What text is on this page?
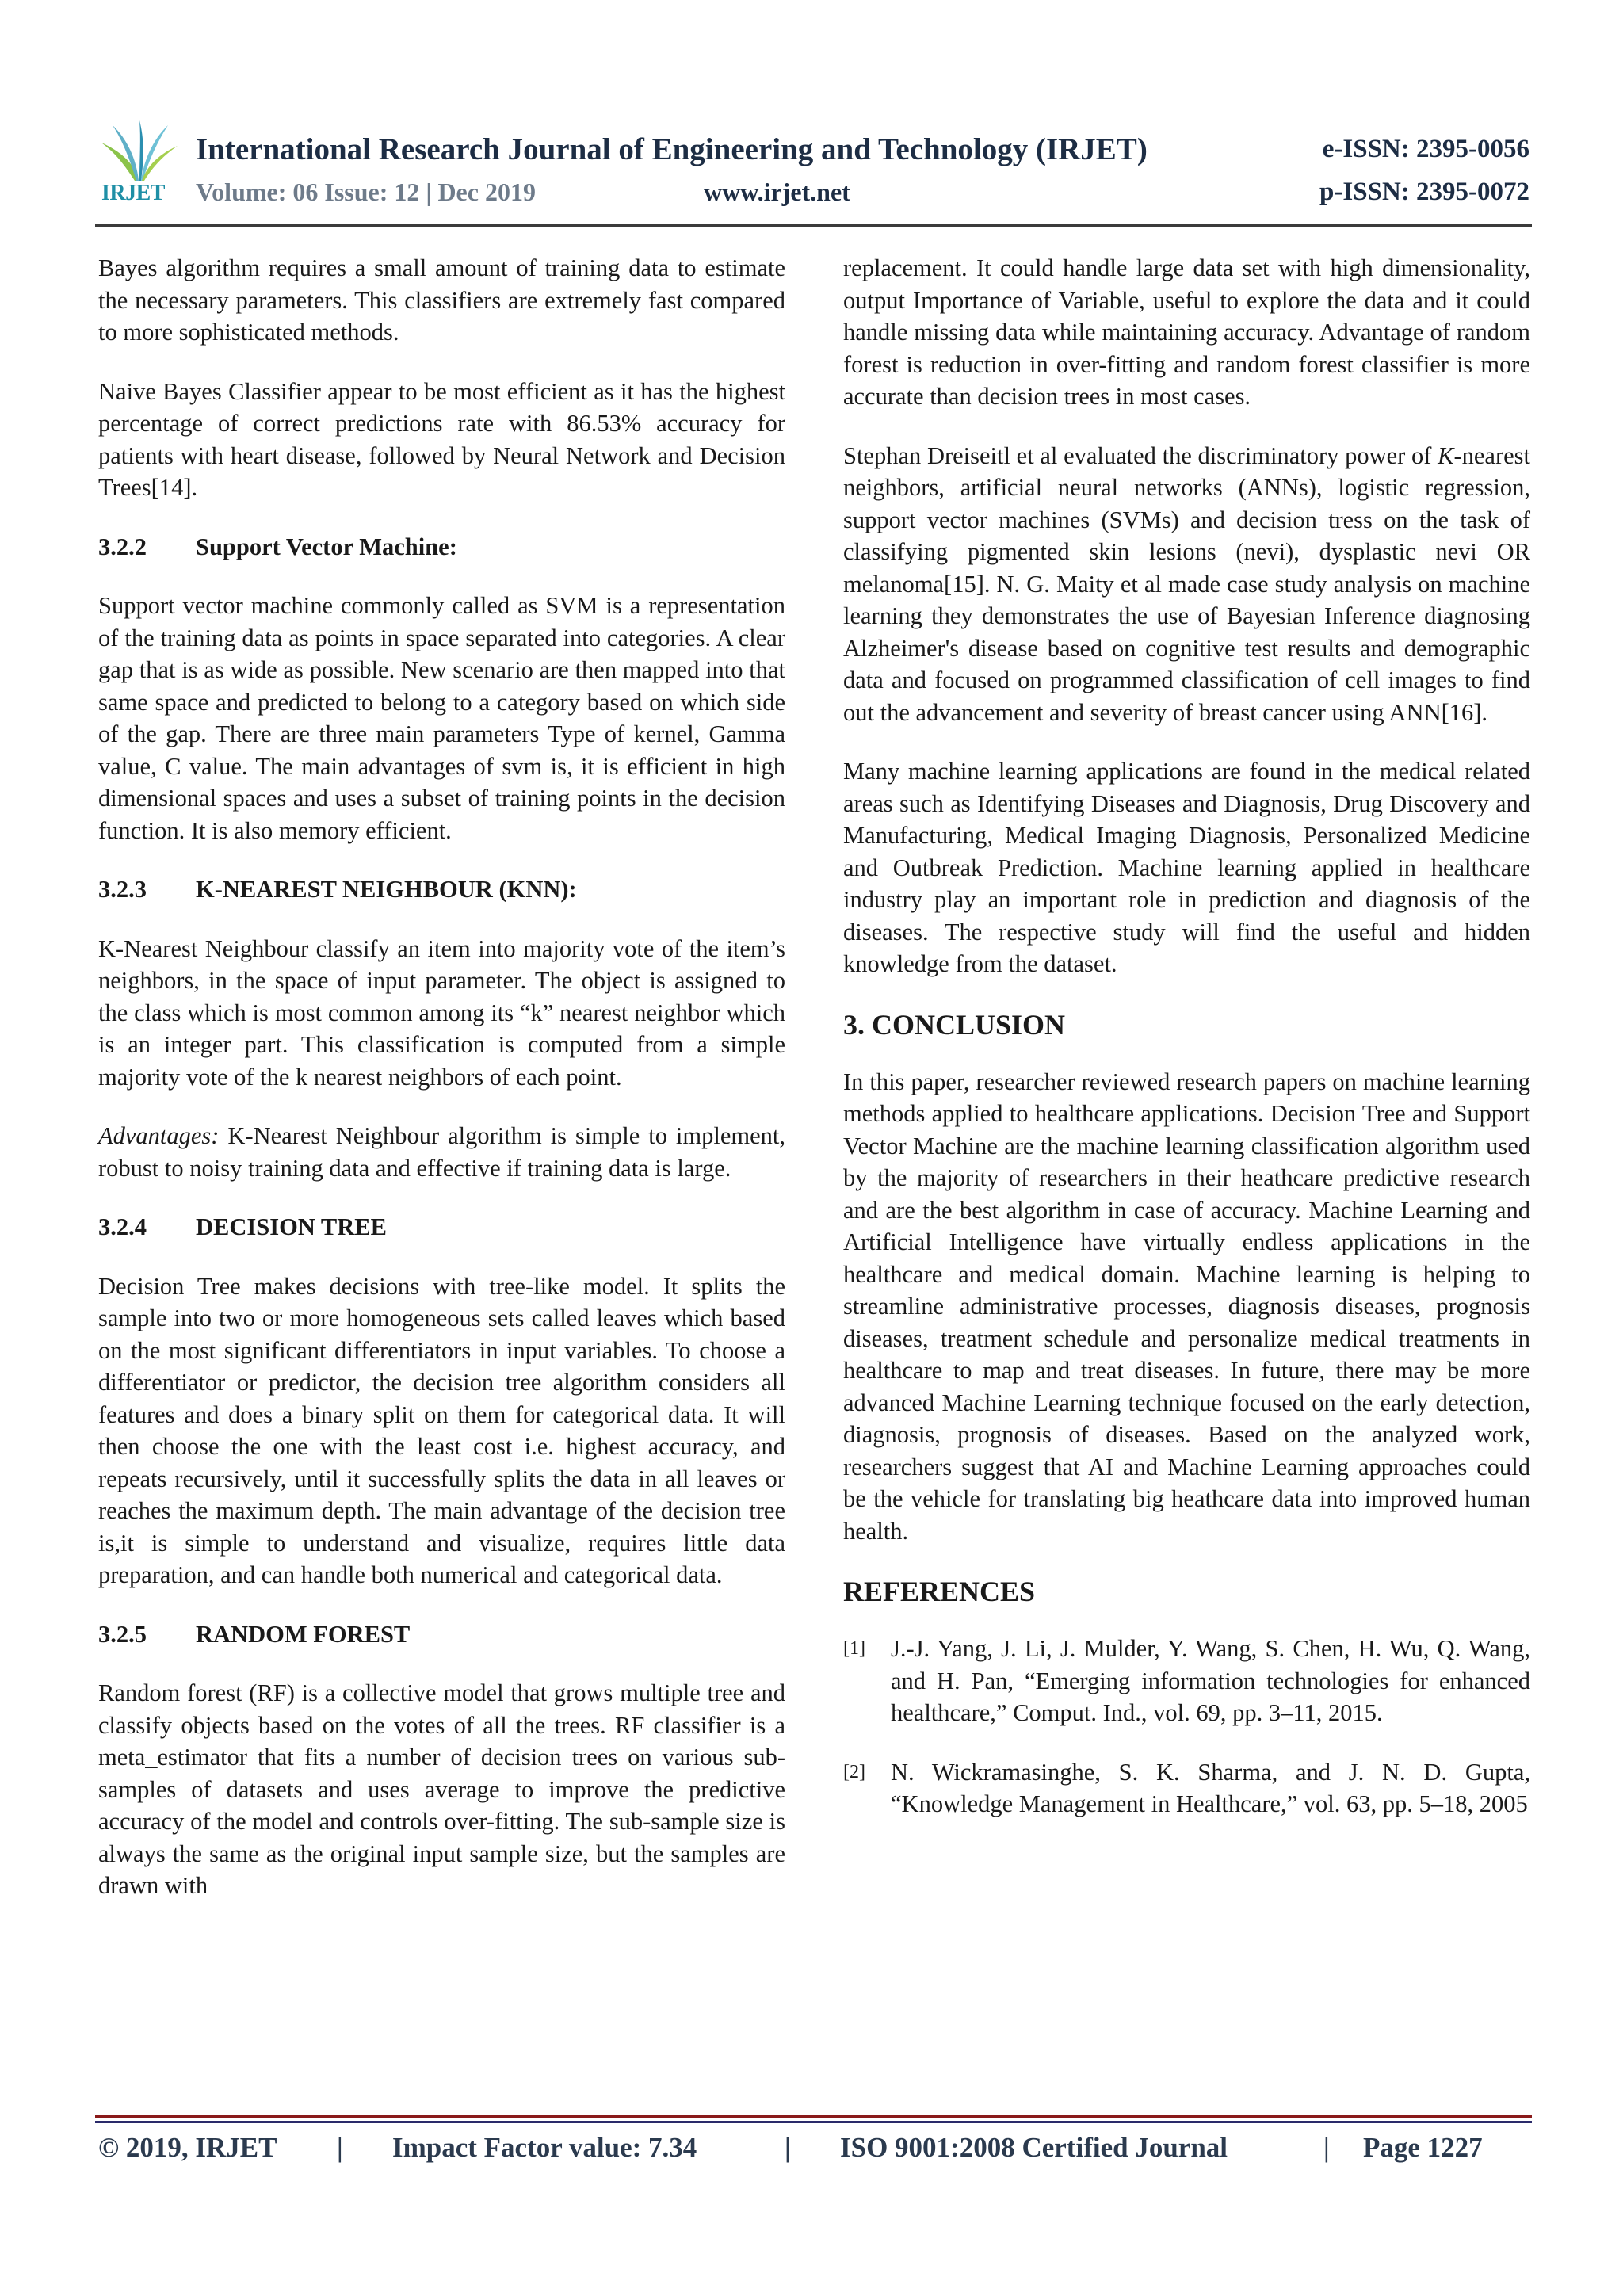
IRJET
International Research Journal of Engineering and Technology (IRJET)	e-ISSN: 2395-0056
Volume: 06 Issue: 12 | Dec 2019	www.irjet.net	p-ISSN: 2395-0072

Bayes algorithm requires a small amount of training data to estimate the necessary parameters. This classifiers are extremely fast compared to more sophisticated methods.

Naive Bayes Classifier appear to be most efficient as it has the highest percentage of correct predictions rate with 86.53% accuracy for patients with heart disease, followed by Neural Network and Decision Trees[14].

3.2.2 Support Vector Machine:

Support vector machine commonly called as SVM is a representation of the training data as points in space separated into categories. A clear gap that is as wide as possible. New scenario are then mapped into that same space and predicted to belong to a category based on which side of the gap. There are three main parameters Type of kernel, Gamma value, C value. The main advantages of svm is, it is efficient in high dimensional spaces and uses a subset of training points in the decision function. It is also memory efficient.

3.2.3 K-NEAREST NEIGHBOUR (KNN):

K-Nearest Neighbour classify an item into majority vote of the item’s neighbors, in the space of input parameter. The object is assigned to the class which is most common among its “k” nearest neighbor which is an integer part. This classification is computed from a simple majority vote of the k nearest neighbors of each point.

Advantages: K-Nearest Neighbour algorithm is simple to implement, robust to noisy training data and effective if training data is large.

3.2.4 DECISION TREE

Decision Tree makes decisions with tree-like model. It splits the sample into two or more homogeneous sets called leaves which based on the most significant differentiators in input variables. To choose a differentiator or predictor, the decision tree algorithm considers all features and does a binary split on them for categorical data. It will then choose the one with the least cost i.e. highest accuracy, and repeats recursively, until it successfully splits the data in all leaves or reaches the maximum depth. The main advantage of the decision tree is,it is simple to understand and visualize, requires little data preparation, and can handle both numerical and categorical data.

3.2.5 RANDOM FOREST

Random forest (RF) is a collective model that grows multiple tree and classify objects based on the votes of all the trees. RF classifier is a meta_estimator that fits a number of decision trees on various sub-samples of datasets and uses average to improve the predictive accuracy of the model and controls over-fitting. The sub-sample size is always the same as the original input sample size, but the samples are drawn with

replacement. It could handle large data set with high dimensionality, output Importance of Variable, useful to explore the data and it could handle missing data while maintaining accuracy. Advantage of random forest is reduction in over-fitting and random forest classifier is more accurate than decision trees in most cases.

Stephan Dreiseitl et al evaluated the discriminatory power of K-nearest neighbors, artificial neural networks (ANNs), logistic regression, support vector machines (SVMs) and decision tress on the task of classifying pigmented skin lesions (nevi), dysplastic nevi OR melanoma[15]. N. G. Maity et al made case study analysis on machine learning they demonstrates the use of Bayesian Inference diagnosing Alzheimer's disease based on cognitive test results and demographic data and focused on programmed classification of cell images to find out the advancement and severity of breast cancer using ANN[16].

Many machine learning applications are found in the medical related areas such as Identifying Diseases and Diagnosis, Drug Discovery and Manufacturing, Medical Imaging Diagnosis, Personalized Medicine and Outbreak Prediction. Machine learning applied in healthcare industry play an important role in prediction and diagnosis of the diseases. The respective study will find the useful and hidden knowledge from the dataset.

3. CONCLUSION

In this paper, researcher reviewed research papers on machine learning methods applied to healthcare applications. Decision Tree and Support Vector Machine are the machine learning classification algorithm used by the majority of researchers in their heathcare predictive research and are the best algorithm in case of accuracy. Machine Learning and Artificial Intelligence have virtually endless applications in the healthcare and medical domain. Machine learning is helping to streamline administrative processes, diagnosis diseases, prognosis diseases, treatment schedule and personalize medical treatments in healthcare to map and treat diseases. In future, there may be more advanced Machine Learning technique focused on the early detection, diagnosis, prognosis of diseases. Based on the analyzed work, researchers suggest that AI and Machine Learning approaches could be the vehicle for translating big heathcare data into improved human health.

REFERENCES
[1]	J.-J. Yang, J. Li, J. Mulder, Y. Wang, S. Chen, H. Wu, Q. Wang, and H. Pan, “Emerging information technologies for enhanced healthcare,” Comput. Ind., vol. 69, pp. 3–11, 2015.
[2]	N. Wickramasinghe, S. K. Sharma, and J. N. D. Gupta, “Knowledge Management in Healthcare,” vol. 63, pp. 5–18, 2005
© 2019, IRJET | Impact Factor value: 7.34	| ISO 9001:2008 Certified Journal	| Page 1227
